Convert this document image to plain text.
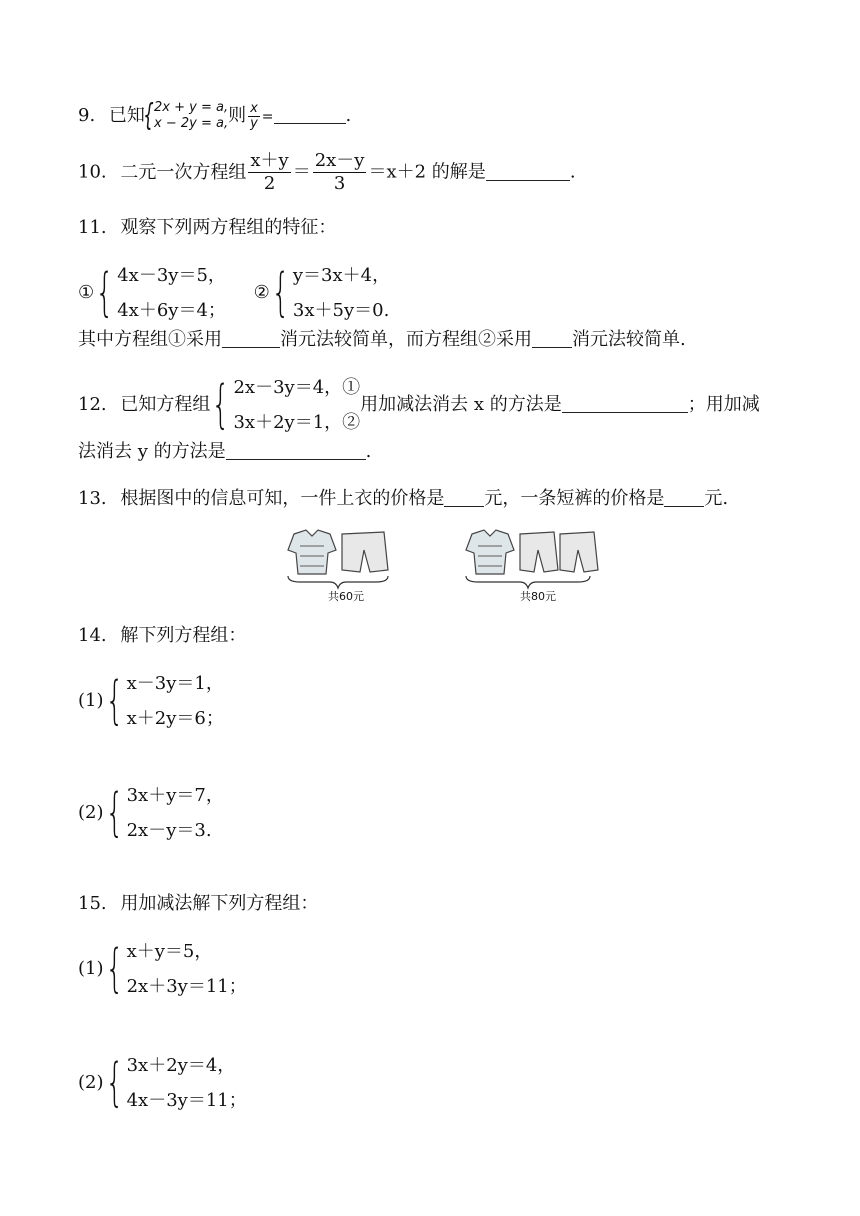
9. 已知{ 2x + y = a,
x − 2y = a, 则 $\frac{x}{y}$ =	.
10. 二元一次方程组 $\frac{x+y}{2} = \frac{2x-y}{3} =x+2$ 的解是	.
11. 观察下列两方程组的特征：
①{ 4x－3y＝5，
4x＋6y＝4；
②{ y＝3x＋4，
3x＋5y＝0.
其中方程组①采用	消元法较简单，而方程组②采用 消元法较简单.
12. 已知方程组{ 2x－3y＝4，①
3x＋2y＝1，②
用加减法消去 x 的方法是	；用加减
法消去 y 的方法是	.
13. 根据图中的信息可知，一件上衣的价格是 元，一条短裤的价格是 元.
共60元	共80元
14. 解下列方程组：
(1){ x－3y＝1，
x＋2y＝6；
(2){ 3x＋y＝7，
2x－y＝3.
15. 用加减法解下列方程组：
(1){ x＋y＝5，
2x＋3y＝11；
(2){ 3x＋2y＝4，
4x－3y＝11；
